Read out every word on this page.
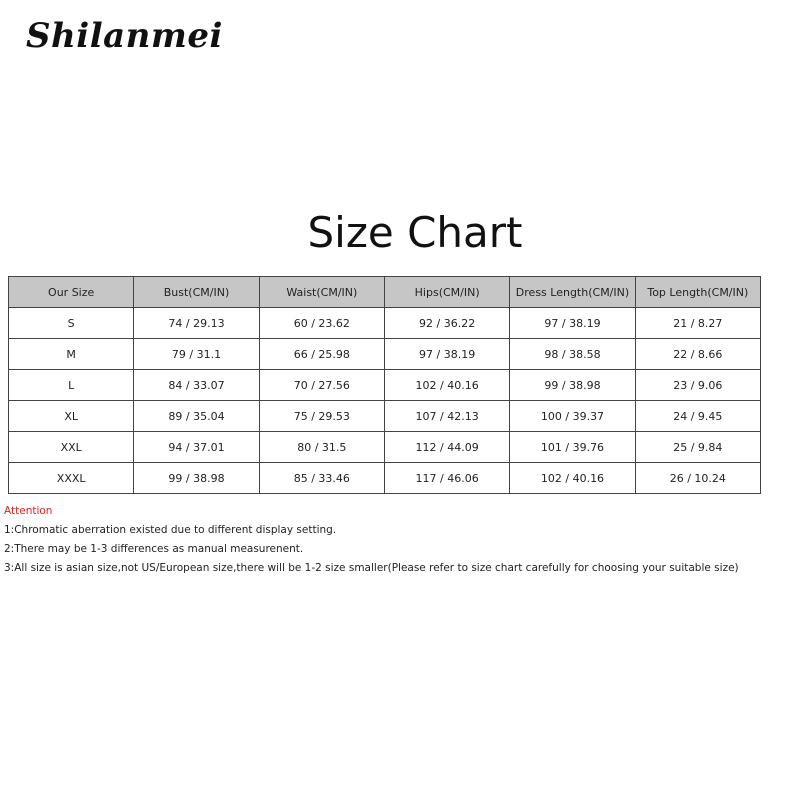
Shilanmei
Size Chart
Our Size	Bust(CM/IN)	Waist(CM/IN)	Hips(CM/IN)	Dress Length(CM/IN)	Top Length(CM/IN)
S	74 / 29.13	60 / 23.62	92 / 36.22	97 / 38.19	21 / 8.27
M	79 / 31.1	66 / 25.98	97 / 38.19	98 / 38.58	22 / 8.66
L	84 / 33.07	70 / 27.56	102 / 40.16	99 / 38.98	23 / 9.06
XL	89 / 35.04	75 / 29.53	107 / 42.13	100 / 39.37	24 / 9.45
XXL	94 / 37.01	80 / 31.5	112 / 44.09	101 / 39.76	25 / 9.84
XXXL	99 / 38.98	85 / 33.46	117 / 46.06	102 / 40.16	26 / 10.24
Attention
1:Chromatic aberration existed due to different display setting.
2:There may be 1-3 differences as manual measurenent.
3:All size is asian size,not US/European size,there will be 1-2 size smaller(Please refer to size chart carefully for choosing your suitable size)
